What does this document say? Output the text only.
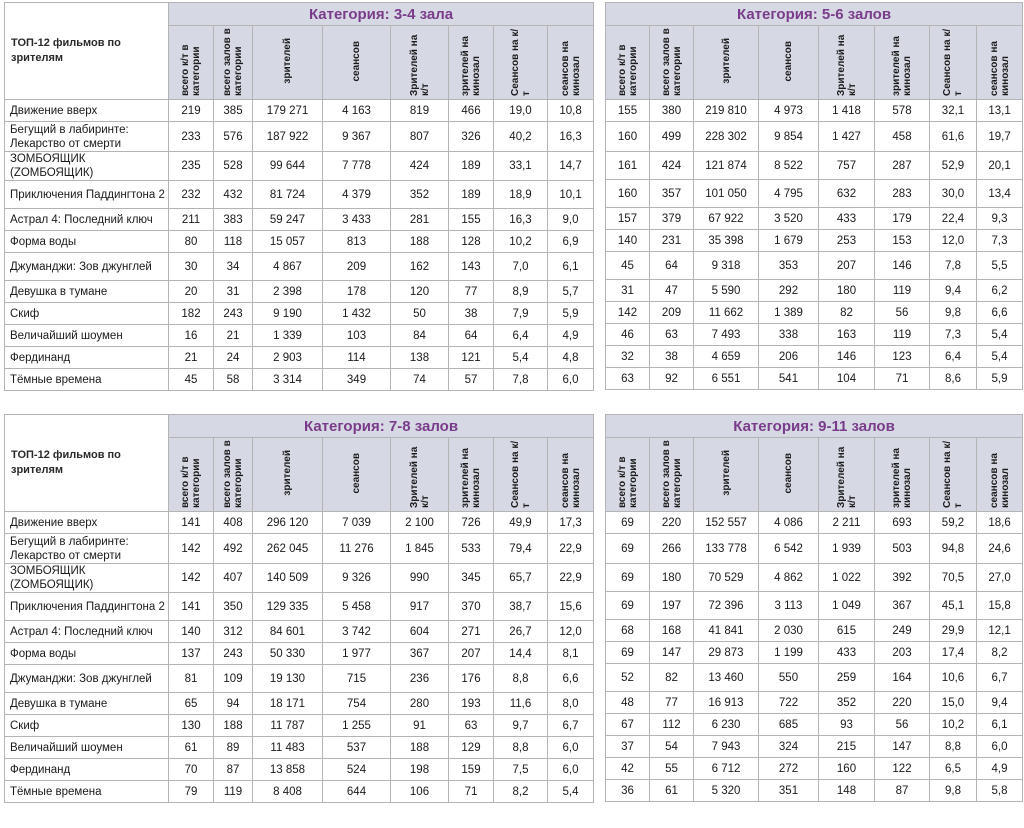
ТОП-12 фильмов по зрителям	Категория: 3-4 зала							
	всего к/т в категории	всего залов в категории	зрителей	сеансов	Зрителей на к/т	зрителей на кинозал	Сеансов на к/т	сеансов на кинозал
Движение вверх	219	385	179 271	4 163	819	466	19,0	10,8
Бегущий в лабиринте: Лекарство от смерти	233	576	187 922	9 367	807	326	40,2	16,3
ЗОМБОЯЩИК (ZОМБОЯЩИК)	235	528	99 644	7 778	424	189	33,1	14,7
Приключения Паддингтона 2	232	432	81 724	4 379	352	189	18,9	10,1
Астрал 4: Последний ключ	211	383	59 247	3 433	281	155	16,3	9,0
Форма воды	80	118	15 057	813	188	128	10,2	6,9
Джуманджи: Зов джунглей	30	34	4 867	209	162	143	7,0	6,1
Девушка в тумане	20	31	2 398	178	120	77	8,9	5,7
Скиф	182	243	9 190	1 432	50	38	7,9	5,9
Величайший шоумен	16	21	1 339	103	84	64	6,4	4,9
Фердинанд	21	24	2 903	114	138	121	5,4	4,8
Тёмные времена	45	58	3 314	349	74	57	7,8	6,0
Категория: 5-6 залов							
всего к/т в категории	всего залов в категории	зрителей	сеансов	Зрителей на к/т	зрителей на кинозал	Сеансов на к/т	сеансов на кинозал
155	380	219 810	4 973	1 418	578	32,1	13,1
160	499	228 302	9 854	1 427	458	61,6	19,7
161	424	121 874	8 522	757	287	52,9	20,1
160	357	101 050	4 795	632	283	30,0	13,4
157	379	67 922	3 520	433	179	22,4	9,3
140	231	35 398	1 679	253	153	12,0	7,3
45	64	9 318	353	207	146	7,8	5,5
31	47	5 590	292	180	119	9,4	6,2
142	209	11 662	1 389	82	56	9,8	6,6
46	63	7 493	338	163	119	7,3	5,4
32	38	4 659	206	146	123	6,4	5,4
63	92	6 551	541	104	71	8,6	5,9
ТОП-12 фильмов по зрителям	Категория: 7-8 залов							
	всего к/т в категории	всего залов в категории	зрителей	сеансов	Зрителей на к/т	зрителей на кинозал	Сеансов на к/т	сеансов на кинозал
Движение вверх	141	408	296 120	7 039	2 100	726	49,9	17,3
Бегущий в лабиринте: Лекарство от смерти	142	492	262 045	11 276	1 845	533	79,4	22,9
ЗОМБОЯЩИК (ZОМБОЯЩИК)	142	407	140 509	9 326	990	345	65,7	22,9
Приключения Паддингтона 2	141	350	129 335	5 458	917	370	38,7	15,6
Астрал 4: Последний ключ	140	312	84 601	3 742	604	271	26,7	12,0
Форма воды	137	243	50 330	1 977	367	207	14,4	8,1
Джуманджи: Зов джунглей	81	109	19 130	715	236	176	8,8	6,6
Девушка в тумане	65	94	18 171	754	280	193	11,6	8,0
Скиф	130	188	11 787	1 255	91	63	9,7	6,7
Величайший шоумен	61	89	11 483	537	188	129	8,8	6,0
Фердинанд	70	87	13 858	524	198	159	7,5	6,0
Тёмные времена	79	119	8 408	644	106	71	8,2	5,4
Категория: 9-11 залов							
всего к/т в категории	всего залов в категории	зрителей	сеансов	Зрителей на к/т	зрителей на кинозал	Сеансов на к/т	сеансов на кинозал
69	220	152 557	4 086	2 211	693	59,2	18,6
69	266	133 778	6 542	1 939	503	94,8	24,6
69	180	70 529	4 862	1 022	392	70,5	27,0
69	197	72 396	3 113	1 049	367	45,1	15,8
68	168	41 841	2 030	615	249	29,9	12,1
69	147	29 873	1 199	433	203	17,4	8,2
52	82	13 460	550	259	164	10,6	6,7
48	77	16 913	722	352	220	15,0	9,4
67	112	6 230	685	93	56	10,2	6,1
37	54	7 943	324	215	147	8,8	6,0
42	55	6 712	272	160	122	6,5	4,9
36	61	5 320	351	148	87	9,8	5,8
